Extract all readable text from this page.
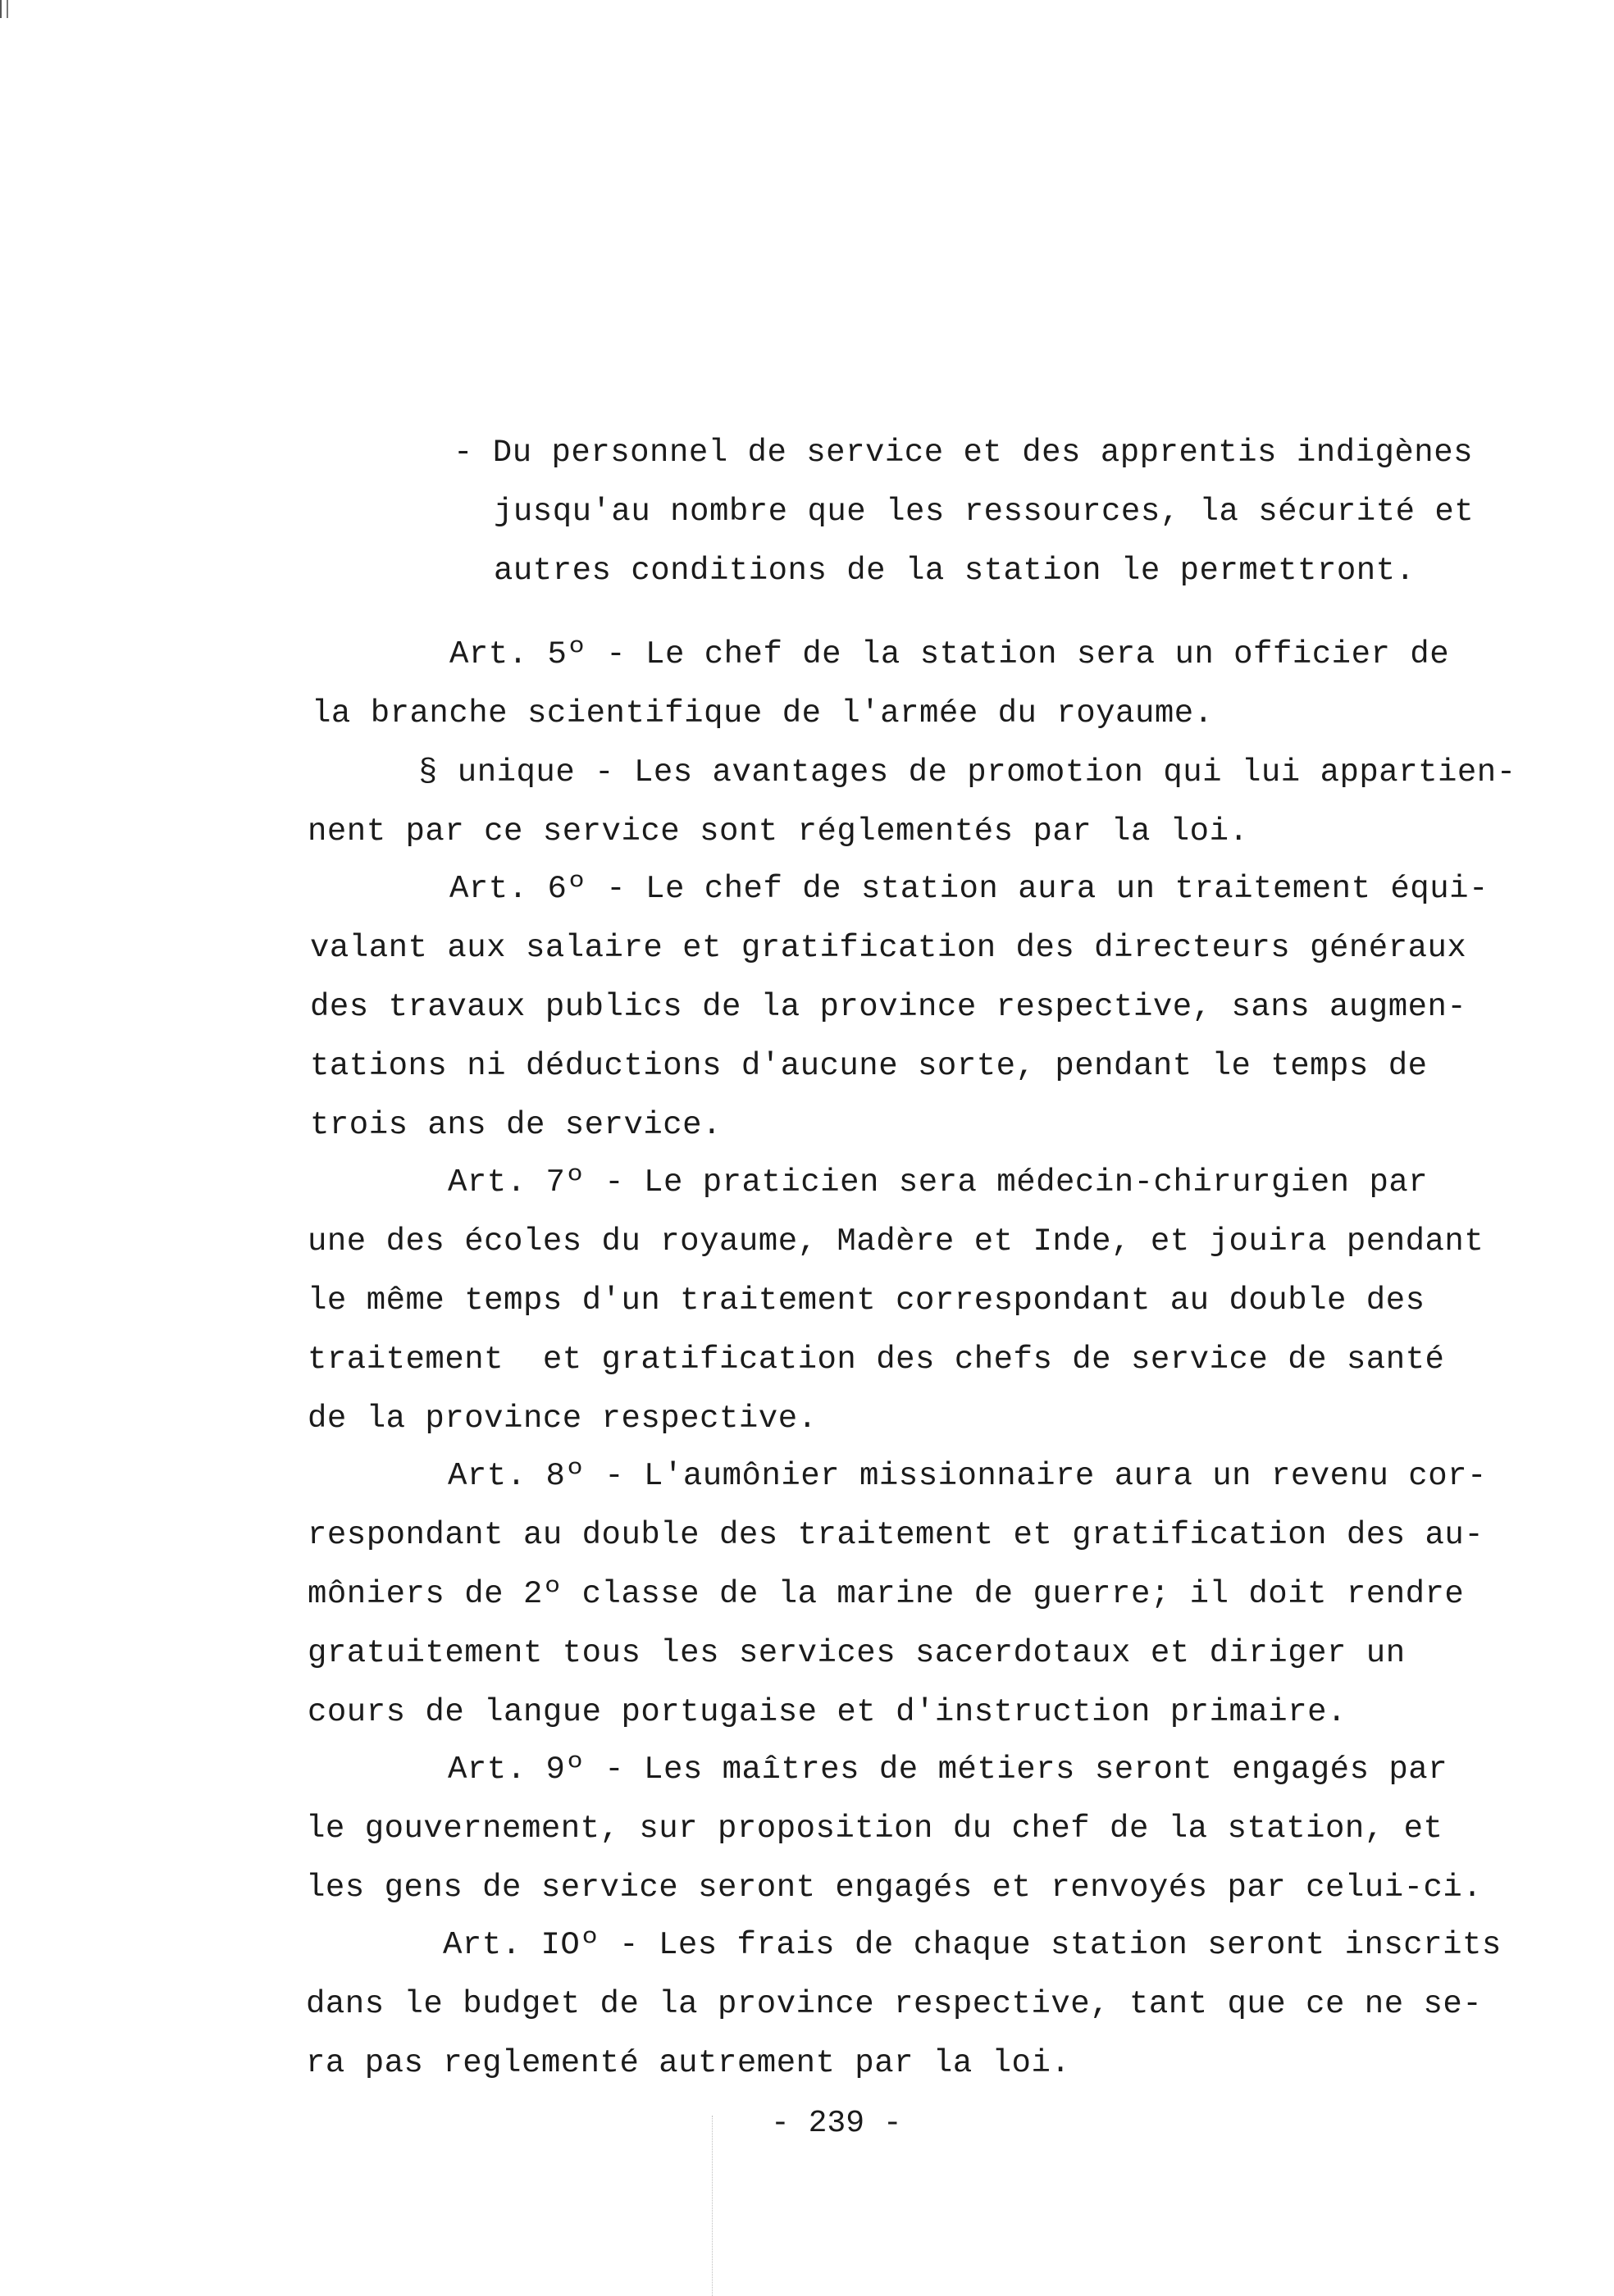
- Du personnel de service et des apprentis indigènes
jusqu'au nombre que les ressources, la sécurité et
autres conditions de la station le permettront.
Art. 5º - Le chef de la station sera un officier de
la branche scientifique de l'armée du royaume.
§ unique - Les avantages de promotion qui lui appartien-
nent par ce service sont réglementés par la loi.
Art. 6º - Le chef de station aura un traitement équi-
valant aux salaire et gratification des directeurs généraux
des travaux publics de la province respective, sans augmen-
tations ni déductions d'aucune sorte, pendant le temps de
trois ans de service.
Art. 7º - Le praticien sera médecin-chirurgien par
une des écoles du royaume, Madère et Inde, et jouira pendant
le même temps d'un traitement correspondant au double des
traitement  et gratification des chefs de service de santé
de la province respective.
Art. 8º - L'aumônier missionnaire aura un revenu cor-
respondant au double des traitement et gratification des au-
môniers de 2º classe de la marine de guerre; il doit rendre
gratuitement tous les services sacerdotaux et diriger un
cours de langue portugaise et d'instruction primaire.
Art. 9º - Les maîtres de métiers seront engagés par
le gouvernement, sur proposition du chef de la station, et
les gens de service seront engagés et renvoyés par celui-ci.
Art. IOº - Les frais de chaque station seront inscrits
dans le budget de la province respective, tant que ce ne se-
ra pas reglementé autrement par la loi.
- 239 -
